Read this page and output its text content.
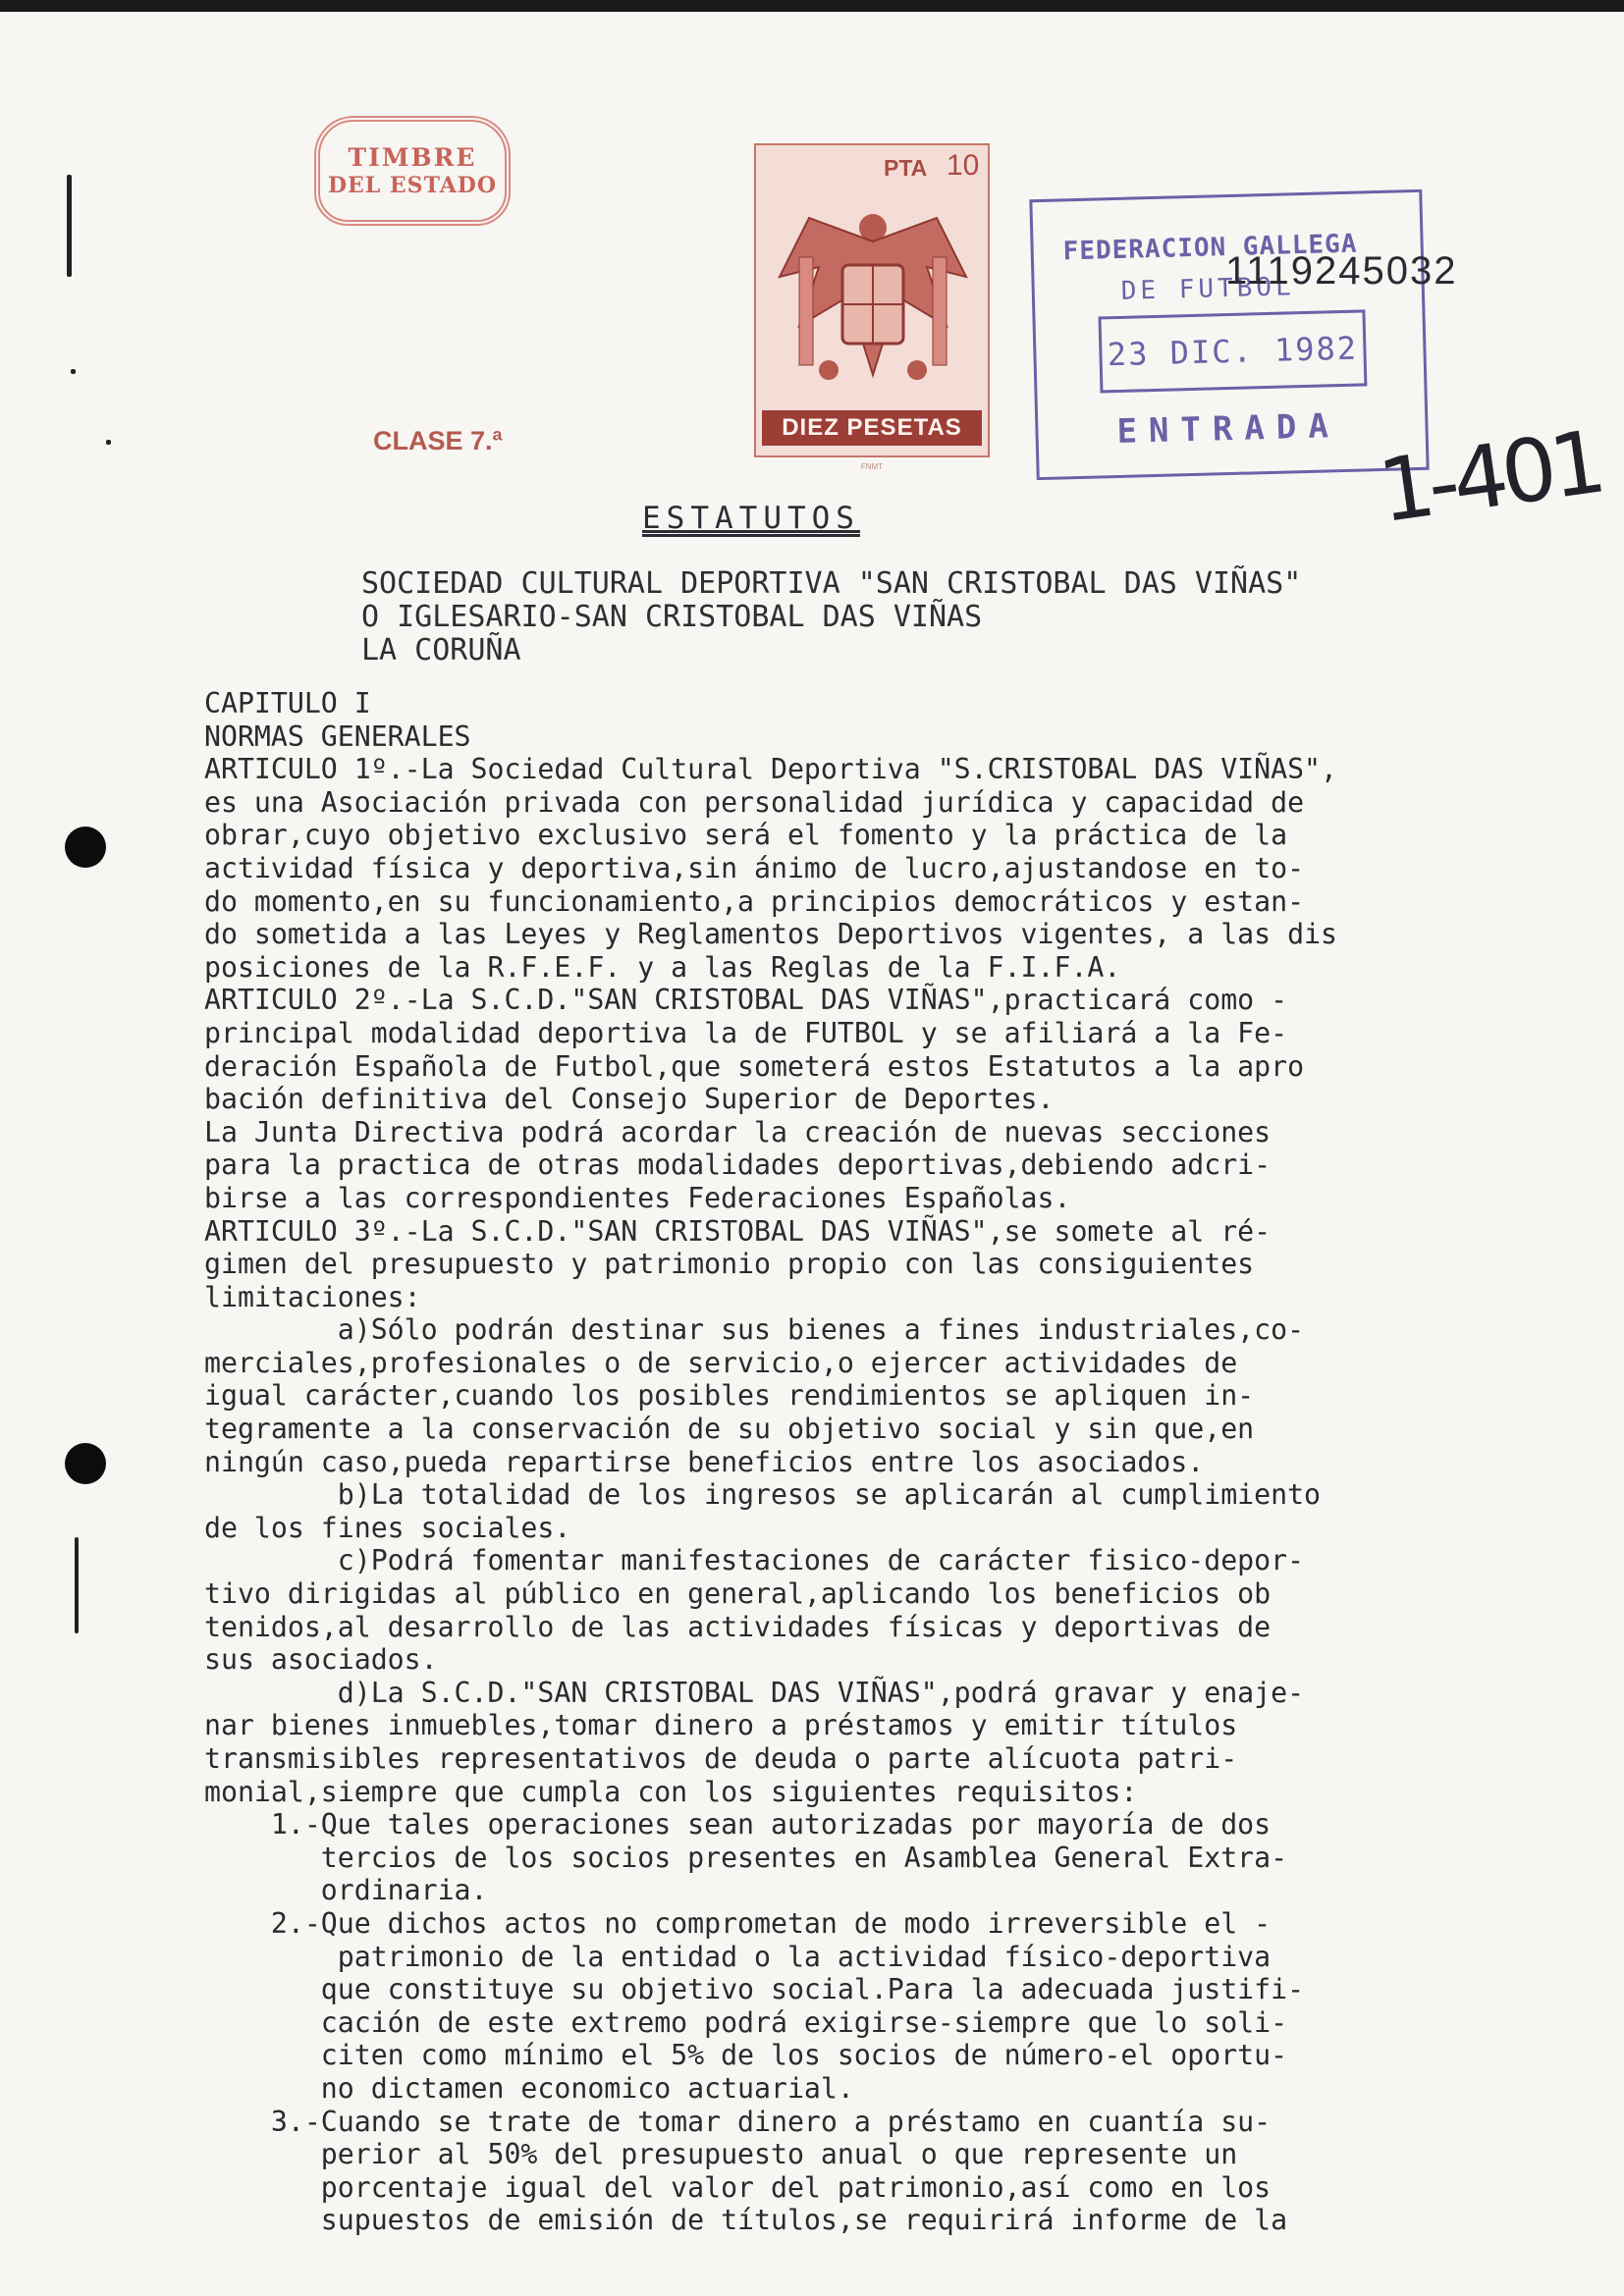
TIMBRE
DEL ESTADO
CLASE 7.ª
PTA 10
DIEZ PESETAS
FNMT
FEDERACION GALLEGA
DE FUTBOL
23 DIC. 1982
ENTRADA
1119245032
1-401
ESTATUTOS
SOCIEDAD CULTURAL DEPORTIVA "SAN CRISTOBAL DAS VIÑAS"
O IGLESARIO-SAN CRISTOBAL DAS VIÑAS
LA CORUÑA
CAPITULO I
NORMAS GENERALES
ARTICULO 1º.-La Sociedad Cultural Deportiva "S.CRISTOBAL DAS VIÑAS",
es una Asociación privada con personalidad jurídica y capacidad de
obrar,cuyo objetivo exclusivo será el fomento y la práctica de la
actividad física y deportiva,sin ánimo de lucro,ajustandose en to-
do momento,en su funcionamiento,a principios democráticos y estan-
do sometida a las Leyes y Reglamentos Deportivos vigentes, a las dis
posiciones de la R.F.E.F. y a las Reglas de la F.I.F.A.
ARTICULO 2º.-La S.C.D."SAN CRISTOBAL DAS VIÑAS",practicará como -
principal modalidad deportiva la de FUTBOL y se afiliará a la Fe-
deración Española de Futbol,que someterá estos Estatutos a la apro
bación definitiva del Consejo Superior de Deportes.
La Junta Directiva podrá acordar la creación de nuevas secciones
para la practica de otras modalidades deportivas,debiendo adcri-
birse a las correspondientes Federaciones Españolas.
ARTICULO 3º.-La S.C.D."SAN CRISTOBAL DAS VIÑAS",se somete al ré-
gimen del presupuesto y patrimonio propio con las consiguientes
limitaciones:
a)Sólo podrán destinar sus bienes a fines industriales,co-
merciales,profesionales o de servicio,o ejercer actividades de
igual carácter,cuando los posibles rendimientos se apliquen in-
tegramente a la conservación de su objetivo social y sin que,en
ningún caso,pueda repartirse beneficios entre los asociados.
b)La totalidad de los ingresos se aplicarán al cumplimiento
de los fines sociales.
c)Podrá fomentar manifestaciones de carácter fisico-depor-
tivo dirigidas al público en general,aplicando los beneficios ob
tenidos,al desarrollo de las actividades físicas y deportivas de
sus asociados.
d)La S.C.D."SAN CRISTOBAL DAS VIÑAS",podrá gravar y enaje-
nar bienes inmuebles,tomar dinero a préstamos y emitir títulos
transmisibles representativos de deuda o parte alícuota patri-
monial,siempre que cumpla con los siguientes requisitos:
1.-Que tales operaciones sean autorizadas por mayoría de dos
tercios de los socios presentes en Asamblea General Extra-
ordinaria.
2.-Que dichos actos no comprometan de modo irreversible el -
patrimonio de la entidad o la actividad físico-deportiva
que constituye su objetivo social.Para la adecuada justifi-
cación de este extremo podrá exigirse-siempre que lo soli-
citen como mínimo el 5% de los socios de número-el oportu-
no dictamen economico actuarial.
3.-Cuando se trate de tomar dinero a préstamo en cuantía su-
perior al 50% del presupuesto anual o que represente un
porcentaje igual del valor del patrimonio,así como en los
supuestos de emisión de títulos,se requirirá informe de la
